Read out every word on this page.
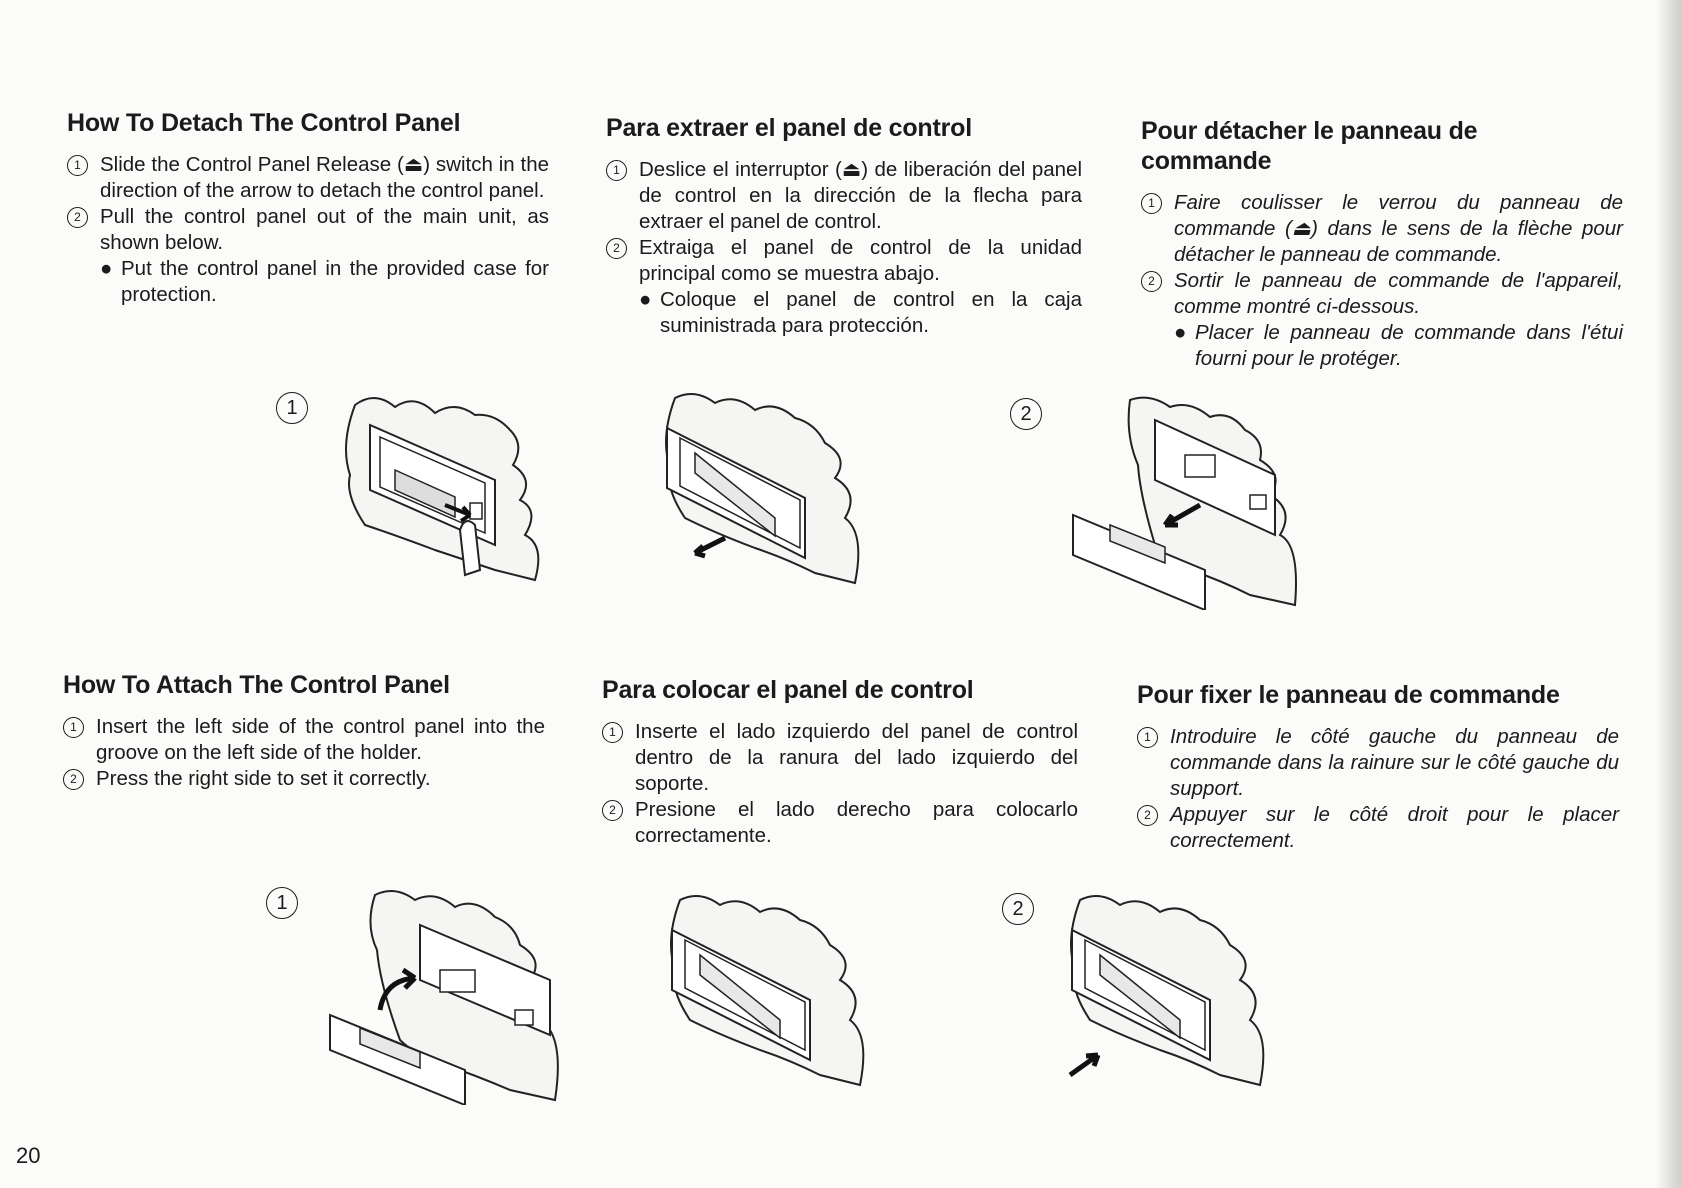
How To Detach The Control Panel
1 Slide the Control Panel Release (⏏) switch in the direction of the arrow to detach the control panel.
2 Pull the control panel out of the main unit, as shown below.
● Put the control panel in the provided case for protection.
Para extraer el panel de control
1 Deslice el interruptor (⏏) de liberación del panel de control en la dirección de la flecha para extraer el panel de control.
2 Extraiga el panel de control de la unidad principal como se muestra abajo.
● Coloque el panel de control en la caja suministrada para protección.
Pour détacher le panneau de commande
1 Faire coulisser le verrou du panneau de commande (⏏) dans le sens de la flèche pour détacher le panneau de commande.
2 Sortir le panneau de commande de l'appareil, comme montré ci-dessous.
● Placer le panneau de commande dans l'étui fourni pour le protéger.
1	2
How To Attach The Control Panel
1 Insert the left side of the control panel into the groove on the left side of the holder.
2 Press the right side to set it correctly.
Para colocar el panel de control
1 Inserte el lado izquierdo del panel de control dentro de la ranura del lado izquierdo del soporte.
2 Presione el lado derecho para colocarlo correctamente.
Pour fixer le panneau de commande
1 Introduire le côté gauche du panneau de commande dans la rainure sur le côté gauche du support.
2 Appuyer sur le côté droit pour le placer correctement.
1	2
20
